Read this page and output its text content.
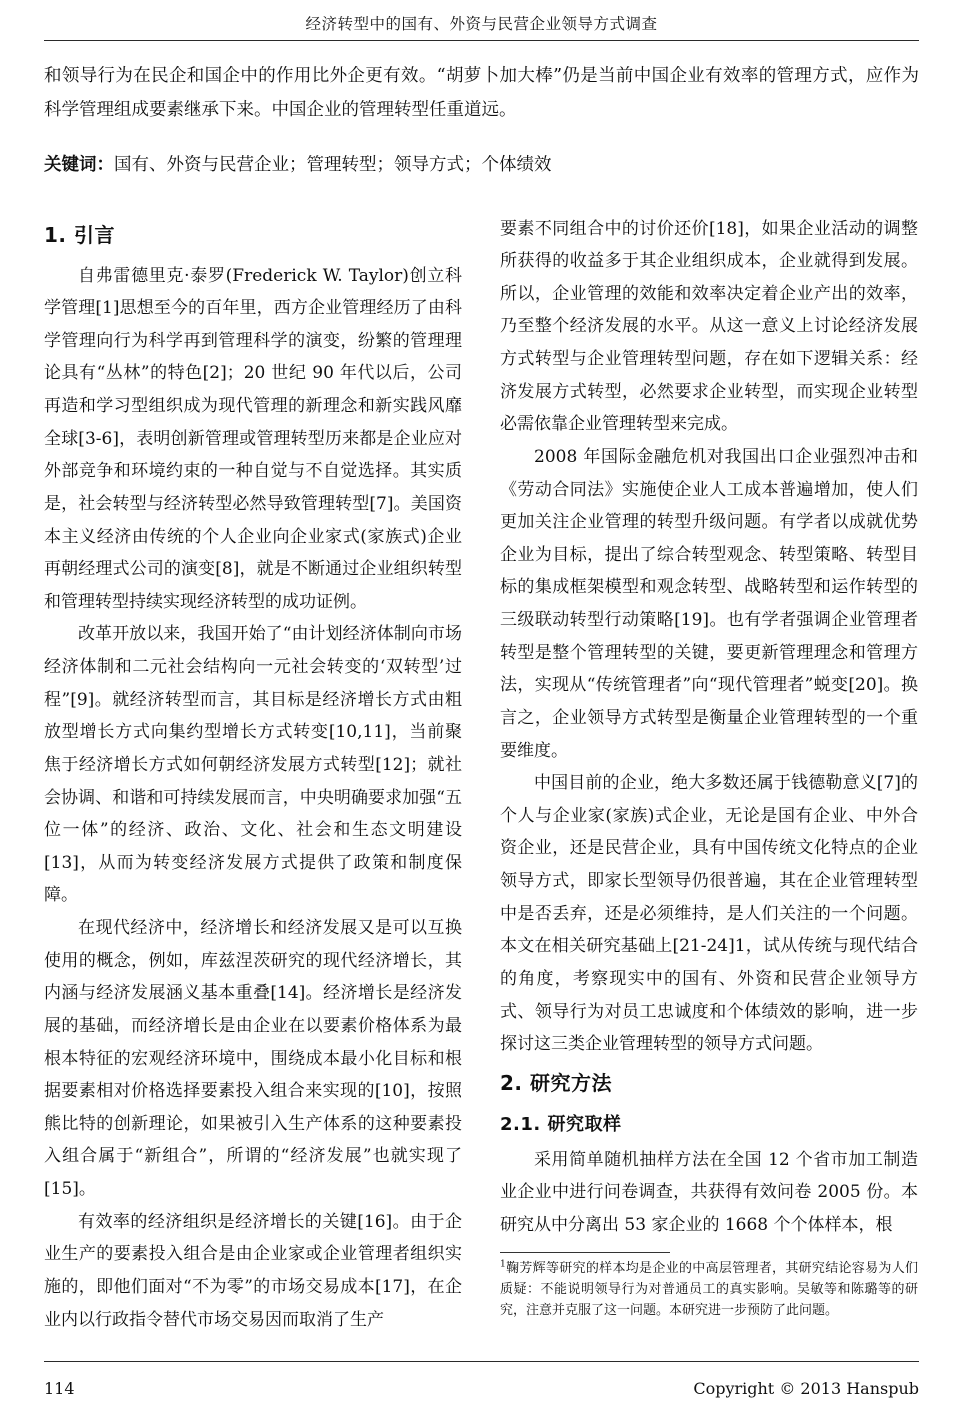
经济转型中的国有、外资与民营企业领导方式调查

和领导行为在民企和国企中的作用比外企更有效。“胡萝卜加大棒”仍是当前中国企业有效率的管理方式，应作为科学管理组成要素继承下来。中国企业的管理转型任重道远。

关键词：国有、外资与民营企业；管理转型；领导方式；个体绩效
1. 引言

自弗雷德里克·泰罗(Frederick W. Taylor)创立科学管理[1]思想至今的百年里，西方企业管理经历了由科学管理向行为科学再到管理科学的演变，纷繁的管理理论具有“丛林”的特色[2]；20 世纪 90 年代以后，公司再造和学习型组织成为现代管理的新理念和新实践风靡全球[3-6]，表明创新管理或管理转型历来都是企业应对外部竞争和环境约束的一种自觉与不自觉选择。其实质是，社会转型与经济转型必然导致管理转型[7]。美国资本主义经济由传统的个人企业向企业家式(家族式)企业再朝经理式公司的演变[8]，就是不断通过企业组织转型和管理转型持续实现经济转型的成功证例。

改革开放以来，我国开始了“由计划经济体制向市场经济体制和二元社会结构向一元社会转变的‘双转型’过程”[9]。就经济转型而言，其目标是经济增长方式由粗放型增长方式向集约型增长方式转变[10,11]，当前聚焦于经济增长方式如何朝经济发展方式转型[12]；就社会协调、和谐和可持续发展而言，中央明确要求加强“五位一体”的经济、政治、文化、社会和生态文明建设[13]，从而为转变经济发展方式提供了政策和制度保障。

在现代经济中，经济增长和经济发展又是可以互换使用的概念，例如，库兹涅茨研究的现代经济增长，其内涵与经济发展涵义基本重叠[14]。经济增长是经济发展的基础，而经济增长是由企业在以要素价格体系为最根本特征的宏观经济环境中，围绕成本最小化目标和根据要素相对价格选择要素投入组合来实现的[10]，按照熊比特的创新理论，如果被引入生产体系的这种要素投入组合属于“新组合”，所谓的“经济发展”也就实现了[15]。

有效率的经济组织是经济增长的关键[16]。由于企业生产的要素投入组合是由企业家或企业管理者组织实施的，即他们面对“不为零”的市场交易成本[17]，在企业内以行政指令替代市场交易因而取消了生产

要素不同组合中的讨价还价[18]，如果企业活动的调整所获得的收益多于其企业组织成本，企业就得到发展。所以，企业管理的效能和效率决定着企业产出的效率，乃至整个经济发展的水平。从这一意义上讨论经济发展方式转型与企业管理转型问题，存在如下逻辑关系：经济发展方式转型，必然要求企业转型，而实现企业转型必需依靠企业管理转型来完成。

2008 年国际金融危机对我国出口企业强烈冲击和《劳动合同法》实施使企业人工成本普遍增加，使人们更加关注企业管理的转型升级问题。有学者以成就优势企业为目标，提出了综合转型观念、转型策略、转型目标的集成框架模型和观念转型、战略转型和运作转型的三级联动转型行动策略[19]。也有学者强调企业管理者转型是整个管理转型的关键，要更新管理理念和管理方法，实现从“传统管理者”向“现代管理者”蜕变[20]。换言之，企业领导方式转型是衡量企业管理转型的一个重要维度。

中国目前的企业，绝大多数还属于钱德勒意义[7]的个人与企业家(家族)式企业，无论是国有企业、中外合资企业，还是民营企业，具有中国传统文化特点的企业领导方式，即家长型领导仍很普遍，其在企业管理转型中是否丢弃，还是必须维持，是人们关注的一个问题。本文在相关研究基础上[21-24]1，试从传统与现代结合的角度，考察现实中的国有、外资和民营企业领导方式、领导行为对员工忠诚度和个体绩效的影响，进一步探讨这三类企业管理转型的领导方式问题。

2. 研究方法
2.1. 研究取样

采用简单随机抽样方法在全国 12 个省市加工制造业企业中进行问卷调查，共获得有效问卷 2005 份。本研究从中分离出 53 家企业的 1668 个个体样本，根

$^1$鞠芳辉等研究的样本均是企业的中高层管理者，其研究结论容易为人们质疑：不能说明领导行为对普通员工的真实影响。吴敏等和陈璐等的研究，注意并克服了这一问题。本研究进一步预防了此问题。

114	Copyright © 2013 Hanspub
